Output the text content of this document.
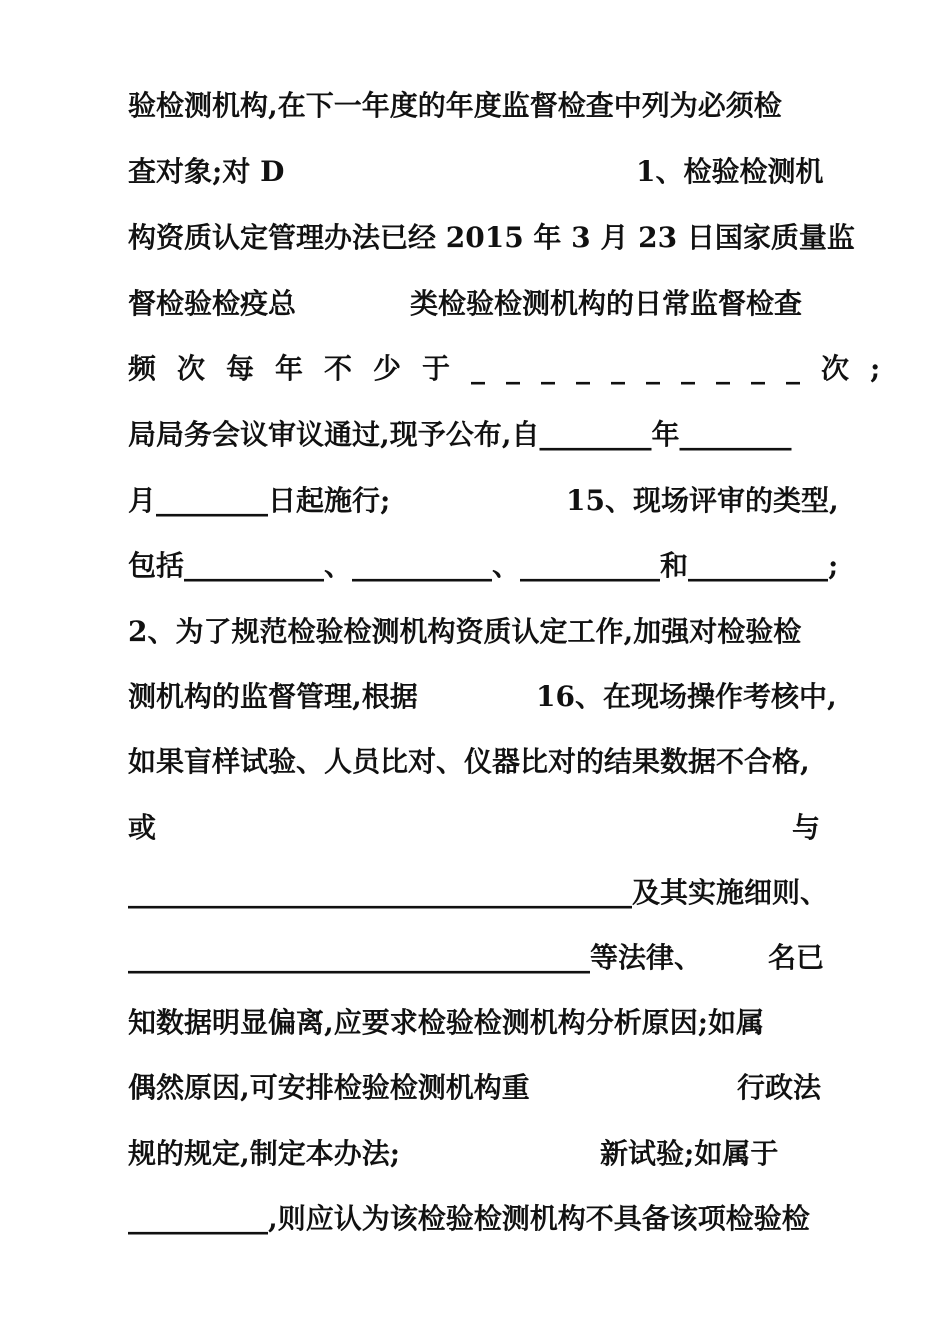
验检测机构,在下一年度的年度监督检查中列为必须检
查对象;对 D	1、检验检测机
构资质认定管理办法已经 2015 年 3 月 23 日国家质量监
督检验检疫总	类检验检测机构的日常监督检查
频次每年不少于__________次;
局局务会议审议通过,现予公布,自________年________
月________日起施行;	15、现场评审的类型,
包括__________、__________、__________和__________;
2、为了规范检验检测机构资质认定工作,加强对检验检
测机构的监督管理,根据	16、在现场操作考核中,
如果盲样试验、人员比对、仪器比对的结果数据不合格,
或	与
____________________________________及其实施细则、
_________________________________等法律、 名已
知数据明显偏离,应要求检验检测机构分析原因;如属
偶然原因,可安排检验检测机构重	行政法
规的规定,制定本办法;	新试验;如属于
__________,则应认为该检验检测机构不具备该项检验检
